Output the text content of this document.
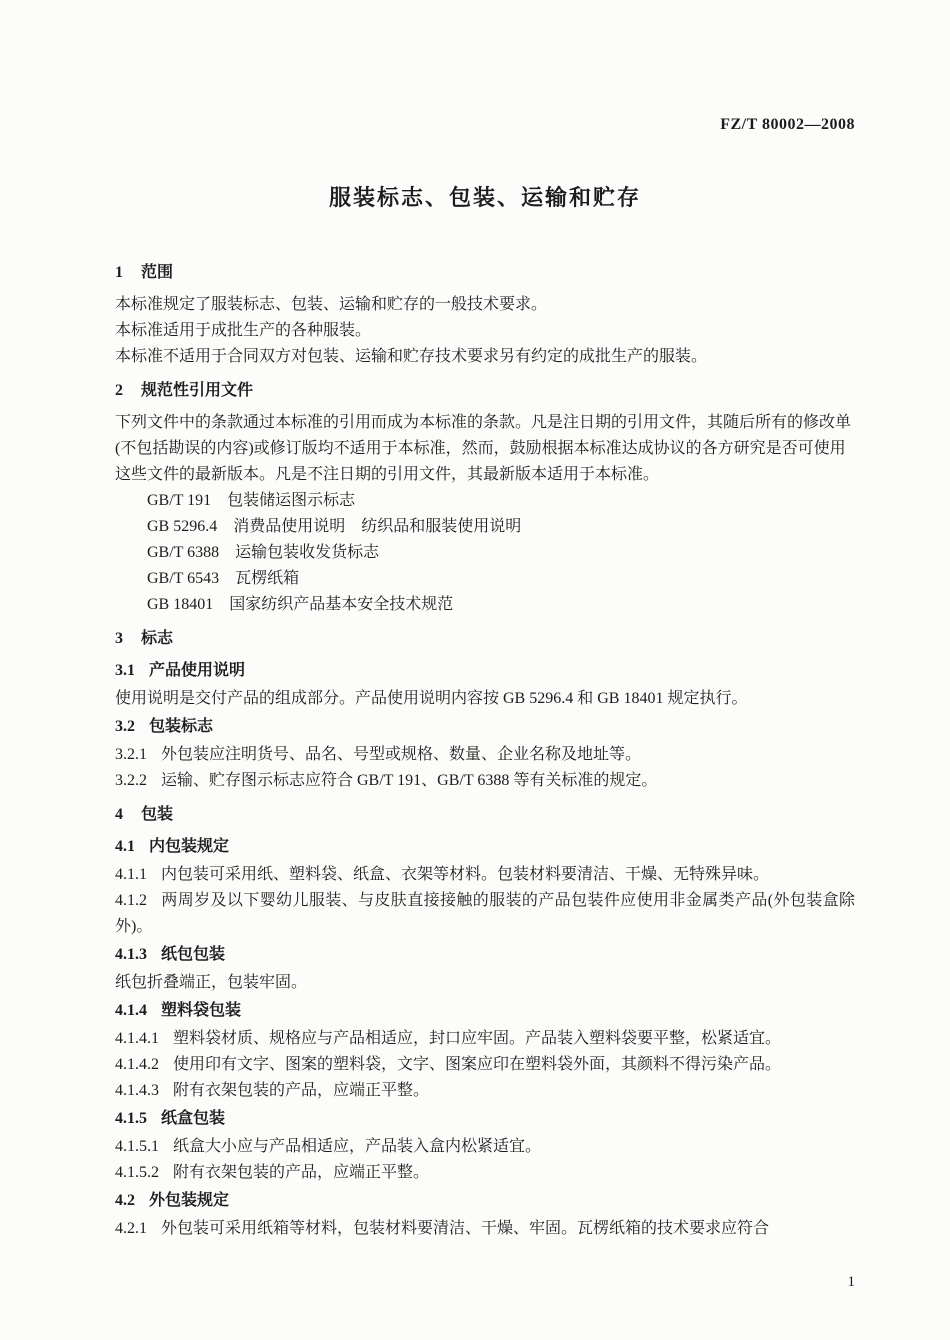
FZ/T 80002—2008
服装标志、包装、运输和贮存
1 范围
本标准规定了服装标志、包装、运输和贮存的一般技术要求。
本标准适用于成批生产的各种服装。
本标准不适用于合同双方对包装、运输和贮存技术要求另有约定的成批生产的服装。
2 规范性引用文件
下列文件中的条款通过本标准的引用而成为本标准的条款。凡是注日期的引用文件，其随后所有的修改单(不包括勘误的内容)或修订版均不适用于本标准，然而，鼓励根据本标准达成协议的各方研究是否可使用这些文件的最新版本。凡是不注日期的引用文件，其最新版本适用于本标准。
GB/T 191 包装储运图示标志
GB 5296.4 消费品使用说明　纺织品和服装使用说明
GB/T 6388 运输包装收发货标志
GB/T 6543 瓦楞纸箱
GB 18401 国家纺织产品基本安全技术规范
3 标志
3.1 产品使用说明
使用说明是交付产品的组成部分。产品使用说明内容按 GB 5296.4 和 GB 18401 规定执行。
3.2 包装标志
3.2.1 外包装应注明货号、品名、号型或规格、数量、企业名称及地址等。
3.2.2 运输、贮存图示标志应符合 GB/T 191、GB/T 6388 等有关标准的规定。
4 包装
4.1 内包装规定
4.1.1 内包装可采用纸、塑料袋、纸盒、衣架等材料。包装材料要清洁、干燥、无特殊异味。
4.1.2 两周岁及以下婴幼儿服装、与皮肤直接接触的服装的产品包装件应使用非金属类产品(外包装盒除外)。
4.1.3 纸包包装
纸包折叠端正，包装牢固。
4.1.4 塑料袋包装
4.1.4.1 塑料袋材质、规格应与产品相适应，封口应牢固。产品装入塑料袋要平整，松紧适宜。
4.1.4.2 使用印有文字、图案的塑料袋，文字、图案应印在塑料袋外面，其颜料不得污染产品。
4.1.4.3 附有衣架包装的产品，应端正平整。
4.1.5 纸盒包装
4.1.5.1 纸盒大小应与产品相适应，产品装入盒内松紧适宜。
4.1.5.2 附有衣架包装的产品，应端正平整。
4.2 外包装规定
4.2.1 外包装可采用纸箱等材料，包装材料要清洁、干燥、牢固。瓦楞纸箱的技术要求应符合
1
